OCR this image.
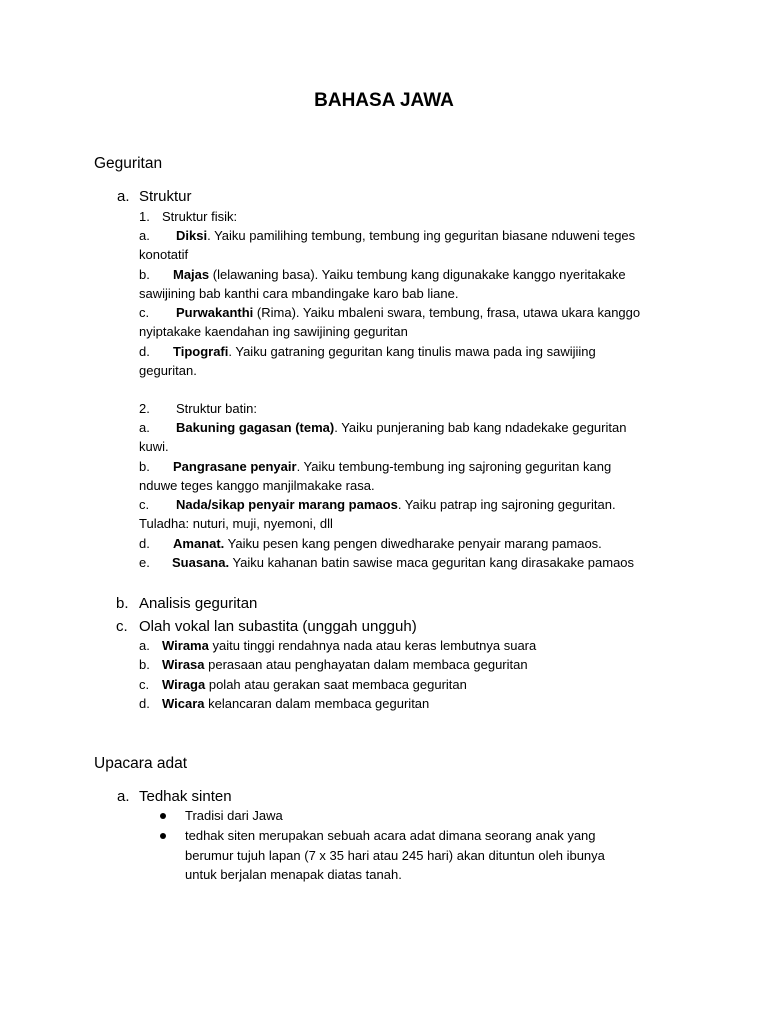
BAHASA JAWA
Geguritan
a. Struktur
1. Struktur fisik:
a. Diksi. Yaiku pamilihing tembung, tembung ing geguritan biasane nduweni teges
konotatif
b. Majas (lelawaning basa). Yaiku tembung kang digunakake kanggo nyeritakake
sawijining bab kanthi cara mbandingake karo bab liane.
c. Purwakanthi (Rima). Yaiku mbaleni swara, tembung, frasa, utawa ukara kanggo
nyiptakake kaendahan ing sawijining geguritan
d. Tipografi. Yaiku gatraning geguritan kang tinulis mawa pada ing sawijiing
geguritan.
2. Struktur batin:
a. Bakuning gagasan (tema). Yaiku punjeraning bab kang ndadekake geguritan
kuwi.
b. Pangrasane penyair. Yaiku tembung-tembung ing sajroning geguritan kang
nduwe teges kanggo manjilmakake rasa.
c. Nada/sikap penyair marang pamaos. Yaiku patrap ing sajroning geguritan.
Tuladha: nuturi, muji, nyemoni, dll
d. Amanat. Yaiku pesen kang pengen diwedharake penyair marang pamaos.
e. Suasana. Yaiku kahanan batin sawise maca geguritan kang dirasakake pamaos
b. Analisis geguritan
c. Olah vokal lan subastita (unggah ungguh)
a. Wirama yaitu tinggi rendahnya nada atau keras lembutnya suara
b. Wirasa perasaan atau penghayatan dalam membaca geguritan
c. Wiraga polah atau gerakan saat membaca geguritan
d. Wicara kelancaran dalam membaca geguritan
Upacara adat
a. Tedhak sinten
Tradisi dari Jawa
tedhak siten merupakan sebuah acara adat dimana seorang anak yang
berumur tujuh lapan (7 x 35 hari atau 245 hari) akan dituntun oleh ibunya
untuk berjalan menapak diatas tanah.
